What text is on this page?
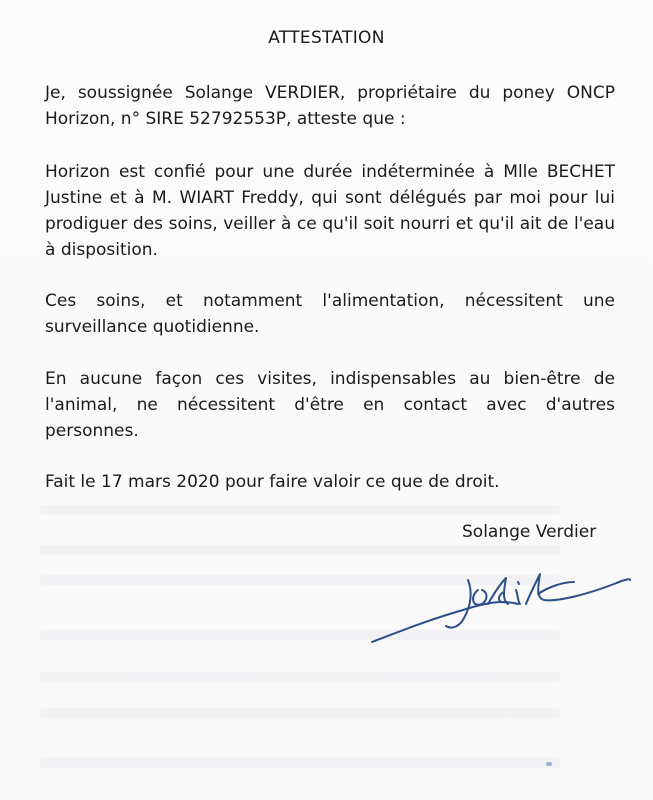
ATTESTATION
Je, soussignée Solange VERDIER, propriétaire du poney ONCP Horizon, n° SIRE 52792553P, atteste que :
Horizon est confié pour une durée indéterminée à Mlle BECHET Justine et à M. WIART Freddy, qui sont délégués par moi pour lui prodiguer des soins, veiller à ce qu'il soit nourri et qu'il ait de l'eau à disposition.
Ces soins, et notamment l'alimentation, nécessitent une surveillance quotidienne.
En aucune façon ces visites, indispensables au bien-être de l'animal, ne nécessitent d'être en contact avec d'autres personnes.
Fait le 17 mars 2020 pour faire valoir ce que de droit.
Solange Verdier
